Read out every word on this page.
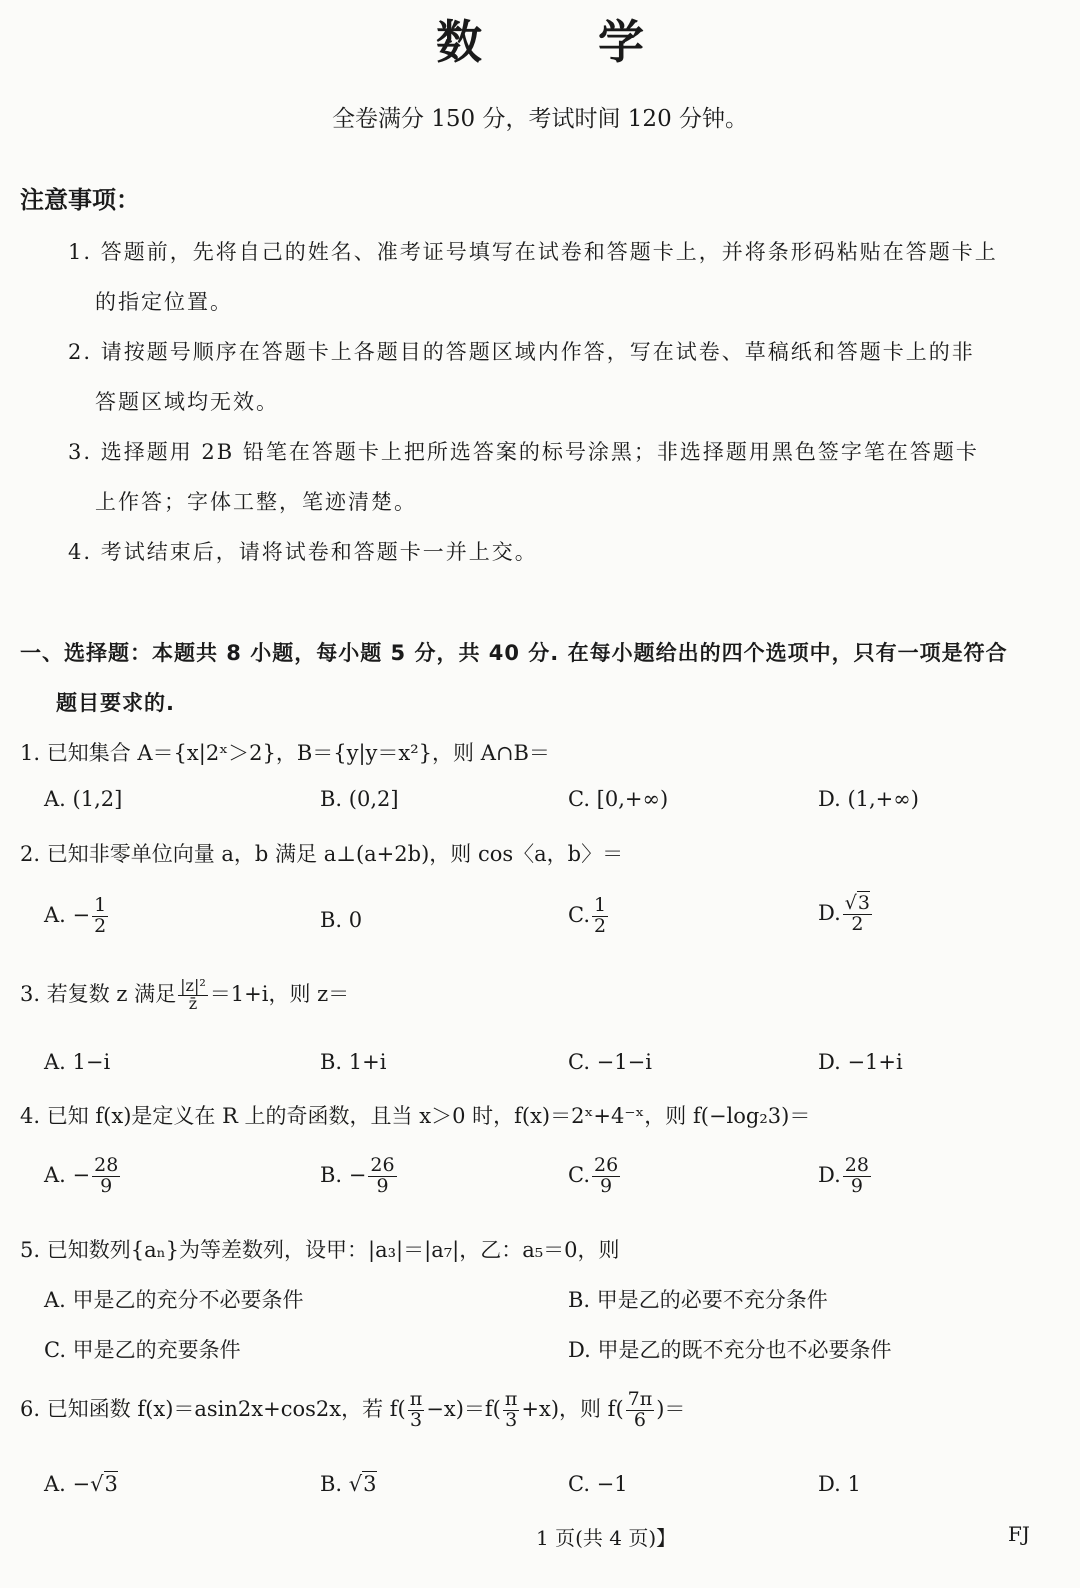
数 学
全卷满分 150 分，考试时间 120 分钟。
注意事项：
1. 答题前，先将自己的姓名、准考证号填写在试卷和答题卡上，并将条形码粘贴在答题卡上
的指定位置。
2. 请按题号顺序在答题卡上各题目的答题区域内作答，写在试卷、草稿纸和答题卡上的非
答题区域均无效。
3. 选择题用 2B 铅笔在答题卡上把所选答案的标号涂黑；非选择题用黑色签字笔在答题卡
上作答；字体工整，笔迹清楚。
4. 考试结束后，请将试卷和答题卡一并上交。
一、选择题：本题共 8 小题，每小题 5 分，共 40 分. 在每小题给出的四个选项中，只有一项是符合
题目要求的.
1. 已知集合 A＝{x|2ˣ＞2}，B＝{y|y＝x²}，则 A∩B＝
A. (1,2]	B. (0,2]	C. [0,+∞)	D. (1,+∞)
2. 已知非零单位向量 a，b 满足 a⊥(a+2b)，则 cos〈a，b〉＝
A. − $\frac{1}{2}$	B. 0	C. $\frac{1}{2}$	D. $\frac{√3}{2}$
3. 若复数 z 满足 $\frac{\text{|z|²}}{z̄} =1+i$，则 z＝
A. 1−i	B. 1+i	C. −1−i	D. −1+i
4. 已知 f(x)是定义在 R 上的奇函数，且当 x＞0 时，f(x)＝2ˣ+4⁻ˣ，则 f(−log₂3)＝
A. − $\frac{28}{9}$	B. − $\frac{26}{9}$	C. $\frac{26}{9}$	D. $\frac{28}{9}$
5. 已知数列{aₙ}为等差数列，设甲：|a₃|＝|a₇|，乙：a₅＝0，则
A. 甲是乙的充分不必要条件	B. 甲是乙的必要不充分条件
C. 甲是乙的充要条件	D. 甲是乙的既不充分也不必要条件
6. 已知函数 f(x)＝asin2x+cos2x，若 $f( \frac{\pi}{3} -x)=f( \frac{\pi}{3} +x)$，则 $f( \frac{7\pi}{6}$ )＝
A. −√3	B. √3	C. −1	D. 1
1 页(共 4 页)】	FJ
